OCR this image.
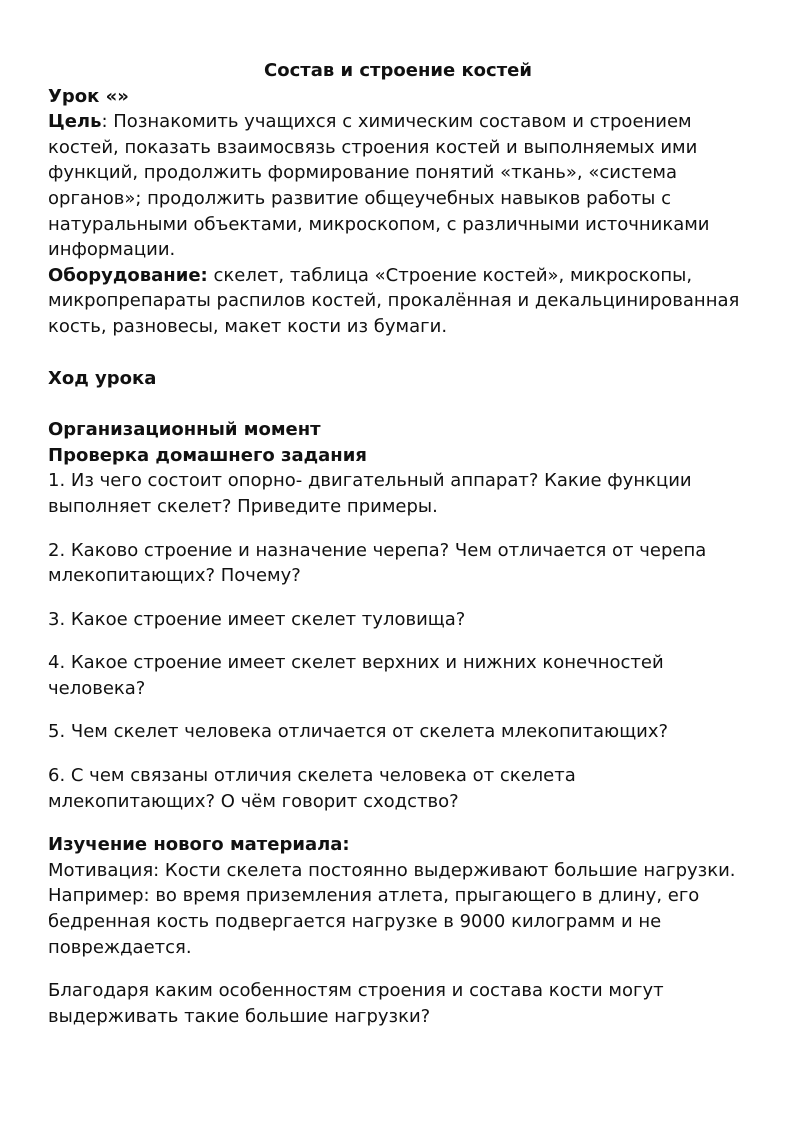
Состав и строение костей

Урок «»

Цель: Познакомить учащихся с химическим составом и строением костей, показать взаимосвязь строения костей и выполняемых ими функций, продолжить формирование понятий «ткань», «система органов»; продолжить развитие общеучебных навыков работы с натуральными объектами, микроскопом, с различными источниками информации.

Оборудование: скелет, таблица «Строение костей», микроскопы, микропрепараты распилов костей, прокалённая и декальцинированная кость, разновесы, макет кости из бумаги.

Ход урока

Организационный момент

Проверка домашнего задания

1. Из чего состоит опорно- двигательный аппарат? Какие функции выполняет скелет? Приведите примеры.

2. Каково строение и назначение черепа? Чем отличается от черепа млекопитающих? Почему?

3. Какое строение имеет скелет туловища?

4. Какое строение имеет скелет верхних и нижних конечностей человека?

5. Чем скелет человека отличается от скелета млекопитающих?

6. С чем связаны отличия скелета человека от скелета млекопитающих? О чём говорит сходство?

Изучение нового материала:

Мотивация: Кости скелета постоянно выдерживают большие нагрузки. Например: во время приземления атлета, прыгающего в длину, его бедренная кость подвергается нагрузке в 9000 килограмм и не повреждается.

Благодаря каким особенностям строения и состава кости могут выдерживать такие большие нагрузки?
